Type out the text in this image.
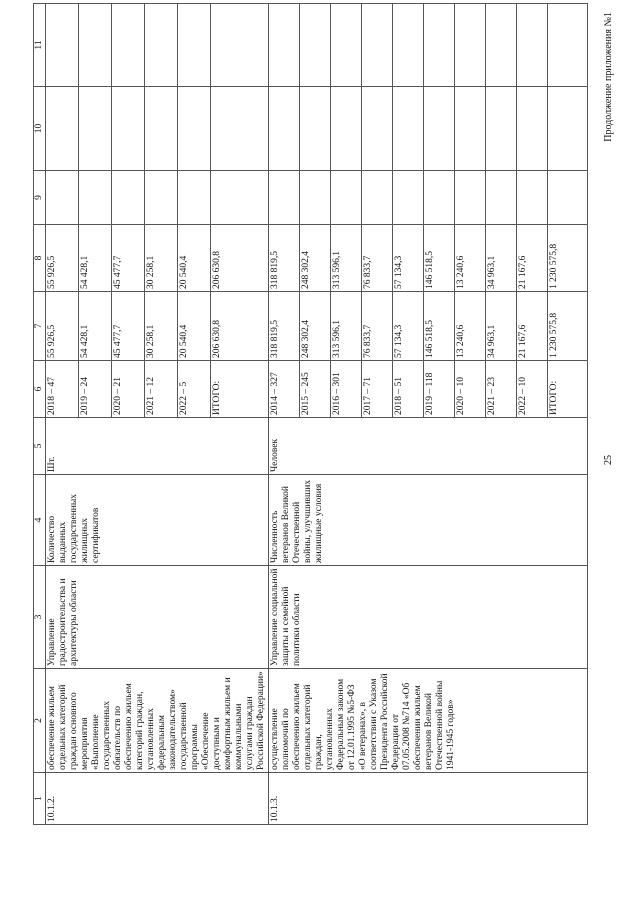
25
Продолжение приложения №1
1	2	3	4	5	6	7	8	9	10	11
10.1.2.	обеспечение жильем отдельных категорий граждан основного мероприятия «Выполнение государственных обязательств по обеспечению жильем категорий граждан, установленных федеральным законодательством» государственной программы «Обеспечение доступным и комфортным жильем и коммунальными услугами граждан Российской Федерации»	Управление градостроительства и архитектуры области	Количество выданных государственных жилищных сертификатов	Шт.	2018 – 47	55 926,5	55 926,5			
					2019 – 24	54 428,1	54 428,1			
					2020 – 21	45 477,7	45 477,7			
					2021 – 12	30 258,1	30 258,1			
					2022 – 5	20 540,4	20 540,4			
					ИТОГО:	206 630,8	206 630,8			
10.1.3.	осуществление полномочий по обеспечению жильем отдельных категорий граждан, установленных Федеральным законом от 12.01.1995 №5-ФЗ «О ветеранах», в соответствии с Указом Президента Российской Федерации от 07.05.2008 №714 «Об обеспечении жильем ветеранов Великой Отечественной войны 1941-1945 годов»	Управление социальной защиты и семейной политики области	Численность ветеранов Великой Отечественной войны, улучшивших жилищные условия	Человек	2014 – 327	318 819,5	318 819,5			
					2015 – 245	248 302,4	248 302,4			
					2016 – 301	313 596,1	313 596,1			
					2017 – 71	76 833,7	76 833,7			
					2018 – 51	57 134,3	57 134,3			
					2019 – 118	146 518,5	146 518,5			
					2020 – 10	13 240,6	13 240,6			
					2021 – 23	34 963,1	34 963,1			
					2022 – 10	21 167,6	21 167,6			
					ИТОГО:	1 230 575,8	1 230 575,8			
